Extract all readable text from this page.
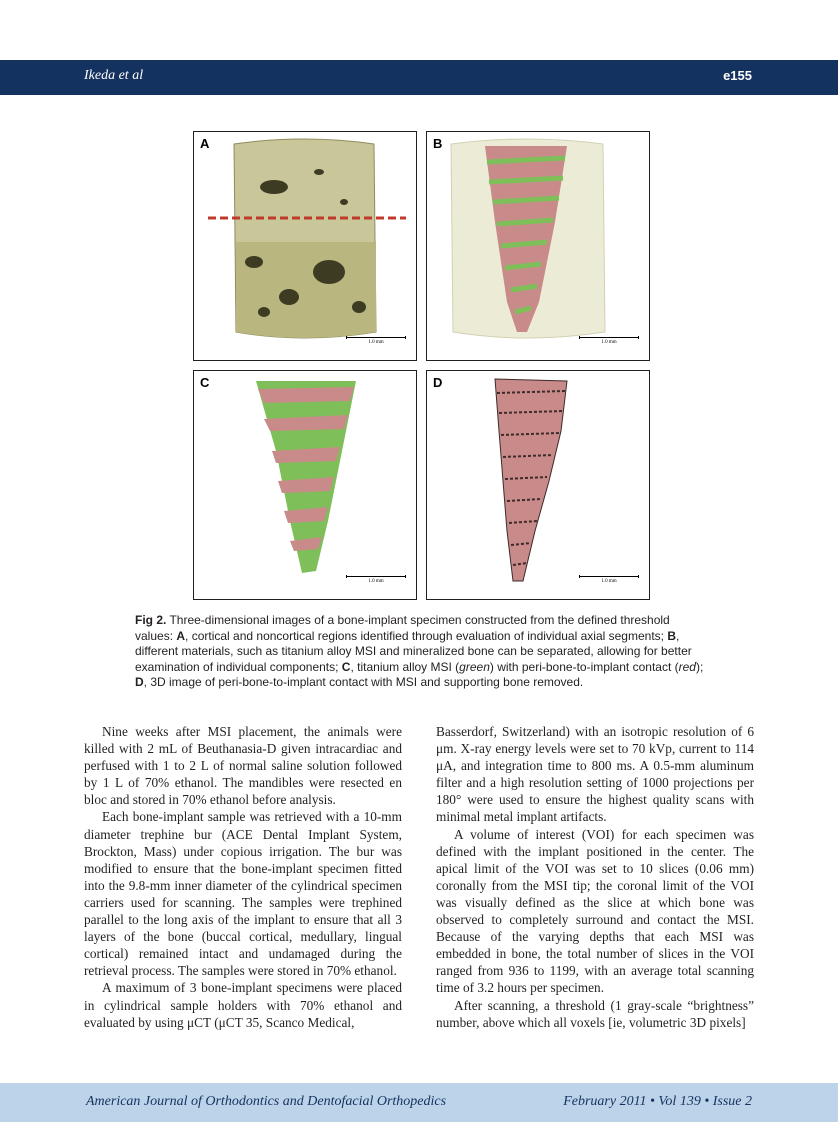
Ikeda et al	e155
A
1.0 mm
B
1.0 mm
C
1.0 mm
D
1.0 mm
Fig 2. Three-dimensional images of a bone-implant specimen constructed from the defined threshold values: A, cortical and noncortical regions identified through evaluation of individual axial segments; B, different materials, such as titanium alloy MSI and mineralized bone can be separated, allowing for better examination of individual components; C, titanium alloy MSI (green) with peri-bone-to-implant contact (red); D, 3D image of peri-bone-to-implant contact with MSI and supporting bone removed.

Nine weeks after MSI placement, the animals were killed with 2 mL of Beuthanasia-D given intracardiac and perfused with 1 to 2 L of normal saline solution followed by 1 L of 70% ethanol. The mandibles were resected en bloc and stored in 70% ethanol before analysis.

Each bone-implant sample was retrieved with a 10-mm diameter trephine bur (ACE Dental Implant System, Brockton, Mass) under copious irrigation. The bur was modified to ensure that the bone-implant specimen fitted into the 9.8-mm inner diameter of the cylindrical specimen carriers used for scanning. The samples were trephined parallel to the long axis of the implant to ensure that all 3 layers of the bone (buccal cortical, medullary, lingual cortical) remained intact and undamaged during the retrieval process. The samples were stored in 70% ethanol.

A maximum of 3 bone-implant specimens were placed in cylindrical sample holders with 70% ethanol and evaluated by using μCT (μCT 35, Scanco Medical,

Basserdorf, Switzerland) with an isotropic resolution of 6 μm. X-ray energy levels were set to 70 kVp, current to 114 μA, and integration time to 800 ms. A 0.5-mm aluminum filter and a high resolution setting of 1000 projections per 180° were used to ensure the highest quality scans with minimal metal implant artifacts.

A volume of interest (VOI) for each specimen was defined with the implant positioned in the center. The apical limit of the VOI was set to 10 slices (0.06 mm) coronally from the MSI tip; the coronal limit of the VOI was visually defined as the slice at which bone was observed to completely surround and contact the MSI. Because of the varying depths that each MSI was embedded in bone, the total number of slices in the VOI ranged from 936 to 1199, with an average total scanning time of 3.2 hours per specimen.

After scanning, a threshold (1 gray-scale “brightness” number, above which all voxels [ie, volumetric 3D pixels]

American Journal of Orthodontics and Dentofacial Orthopedics	February 2011 • Vol 139 • Issue 2
